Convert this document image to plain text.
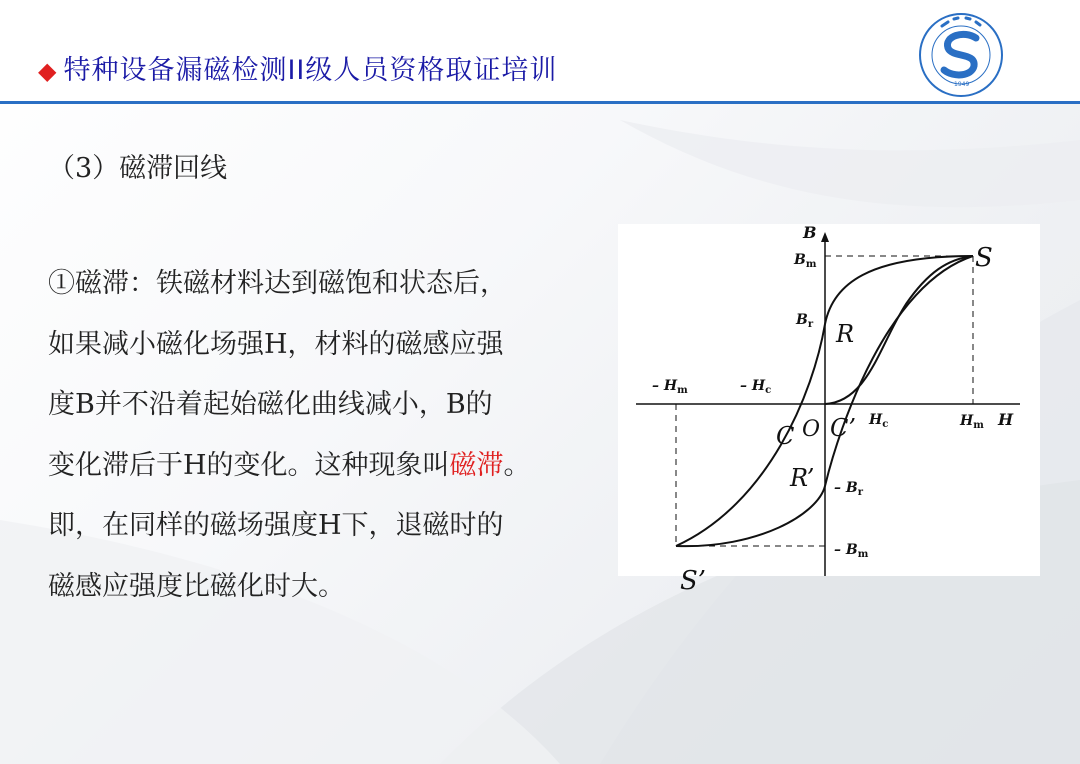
◆ 特种设备漏磁检测II级人员资格取证培训	1949
（3）磁滞回线
①磁滞：铁磁材料达到磁饱和状态后，
如果减小磁化场强H，材料的磁感应强
度B并不沿着起始磁化曲线减小，B的
变化滞后于H的变化。这种现象叫磁滞。
即，在同样的磁场强度H下，退磁时的
磁感应强度比磁化时大。
B
H
$B_m$
$B_r$
– $H_m$	– $H_c$
$H_c$	$H_m$
– $B_r$
– $B_m$
S
R
C O C’
R’
S’
